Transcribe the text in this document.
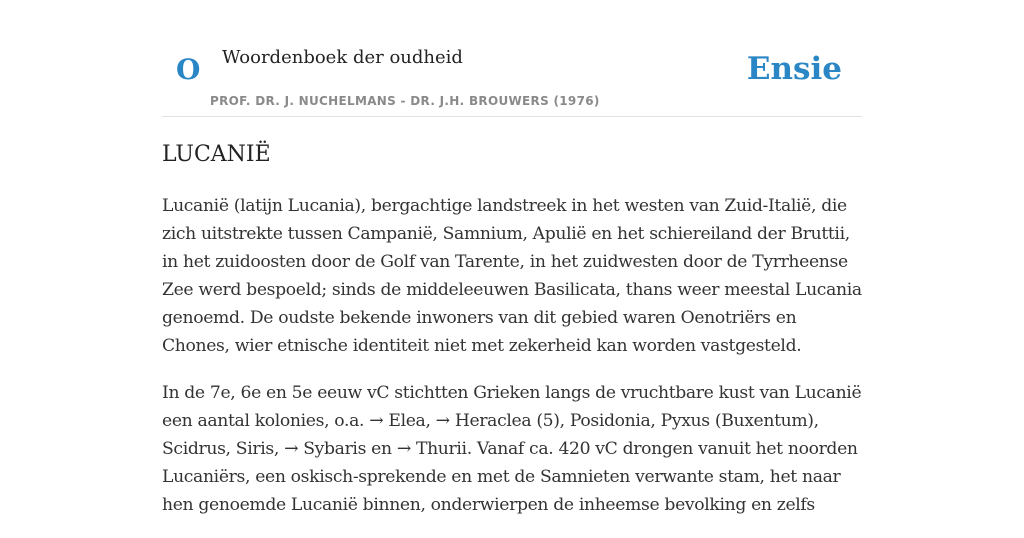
O Woordenboek der oudheid
PROF. DR. J. NUCHELMANS - DR. J.H. BROUWERS (1976)
Ensie
LUCANIË

Lucanië (latijn Lucania), bergachtige landstreek in het westen van Zuid-Italië, die zich uitstrekte tussen Campanië, Samnium, Apulië en het schiereiland der Bruttii, in het zuidoosten door de Golf van Tarente, in het zuidwesten door de Tyrrheense Zee werd bespoeld; sinds de middeleeuwen Basilicata, thans weer meestal Lucania genoemd. De oudste bekende inwoners van dit gebied waren Oenotriërs en Chones, wier etnische identiteit niet met zekerheid kan worden vastgesteld.

In de 7e, 6e en 5e eeuw vC stichtten Grieken langs de vruchtbare kust van Lucanië een aantal kolonies, o.a. → Elea, → Heraclea (5), Posidonia, Pyxus (Buxentum), Scidrus, Siris, → Sybaris en → Thurii. Vanaf ca. 420 vC drongen vanuit het noorden Lucaniërs, een oskisch-sprekende en met de Samnieten verwante stam, het naar hen genoemde Lucanië binnen, onderwierpen de inheemse bevolking en zelfs
